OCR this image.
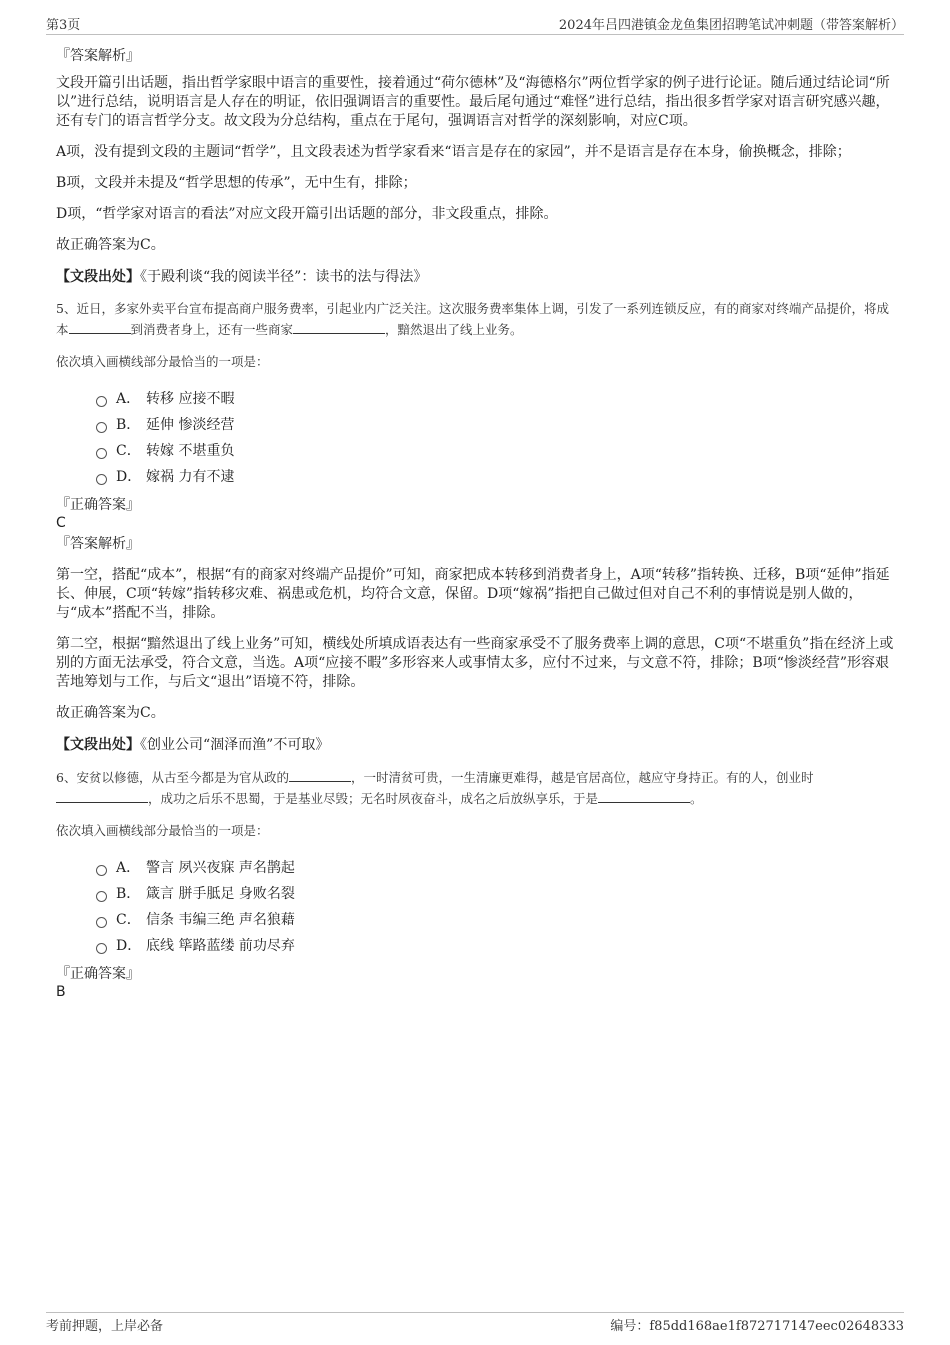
第3页	2024年吕四港镇金龙鱼集团招聘笔试冲刺题（带答案解析）
『答案解析』

文段开篇引出话题，指出哲学家眼中语言的重要性，接着通过“荷尔德林”及“海德格尔”两位哲学家的例子进行论证。随后通过结论词“所以”进行总结，说明语言是人存在的明证，依旧强调语言的重要性。最后尾句通过“难怪”进行总结，指出很多哲学家对语言研究感兴趣，还有专门的语言哲学分支。故文段为分总结构，重点在于尾句，强调语言对哲学的深刻影响，对应C项。

A项，没有提到文段的主题词“哲学”，且文段表述为哲学家看来“语言是存在的家园”，并不是语言是存在本身，偷换概念，排除；

B项，文段并未提及“哲学思想的传承”，无中生有，排除；

D项，“哲学家对语言的看法”对应文段开篇引出话题的部分，非文段重点，排除。

故正确答案为C。

【文段出处】《于殿利谈“我的阅读半径”：读书的法与得法》

5、近日，多家外卖平台宣布提高商户服务费率，引起业内广泛关注。这次服务费率集体上调，引发了一系列连锁反应，有的商家对终端产品提价，将成本	到消费者身上，还有一些商家	，黯然退出了线上业务。

依次填入画横线部分最恰当的一项是：

A． 转移 应接不暇
B． 延伸 惨淡经营
C． 转嫁 不堪重负
D． 嫁祸 力有不逮
『正确答案』
C
『答案解析』

第一空，搭配“成本”，根据“有的商家对终端产品提价”可知，商家把成本转移到消费者身上，A项“转移”指转换、迁移，B项“延伸”指延长、伸展，C项“转嫁”指转移灾难、祸患或危机，均符合文意，保留。D项“嫁祸”指把自己做过但对自己不利的事情说是别人做的，与“成本”搭配不当，排除。

第二空，根据“黯然退出了线上业务”可知，横线处所填成语表达有一些商家承受不了服务费率上调的意思，C项“不堪重负”指在经济上或别的方面无法承受，符合文意，当选。A项“应接不暇”多形容来人或事情太多，应付不过来，与文意不符，排除；B项“惨淡经营”形容艰苦地筹划与工作，与后文“退出”语境不符，排除。

故正确答案为C。

【文段出处】《创业公司“涸泽而渔”不可取》

6、安贫以修德，从古至今都是为官从政的	，一时清贫可贵，一生清廉更难得，越是官居高位，越应守身持正。有的人，创业时，成功之后乐不思蜀，于是基业尽毁；无名时夙夜奋斗，成名之后放纵享乐，于是	。

依次填入画横线部分最恰当的一项是：

A． 警言 夙兴夜寐 声名鹊起
B． 箴言 胼手胝足 身败名裂
C． 信条 韦编三绝 声名狼藉
D． 底线 筚路蓝缕 前功尽弃
『正确答案』
B
考前押题，上岸必备	编号：f85dd168ae1f872717147eec02648333
